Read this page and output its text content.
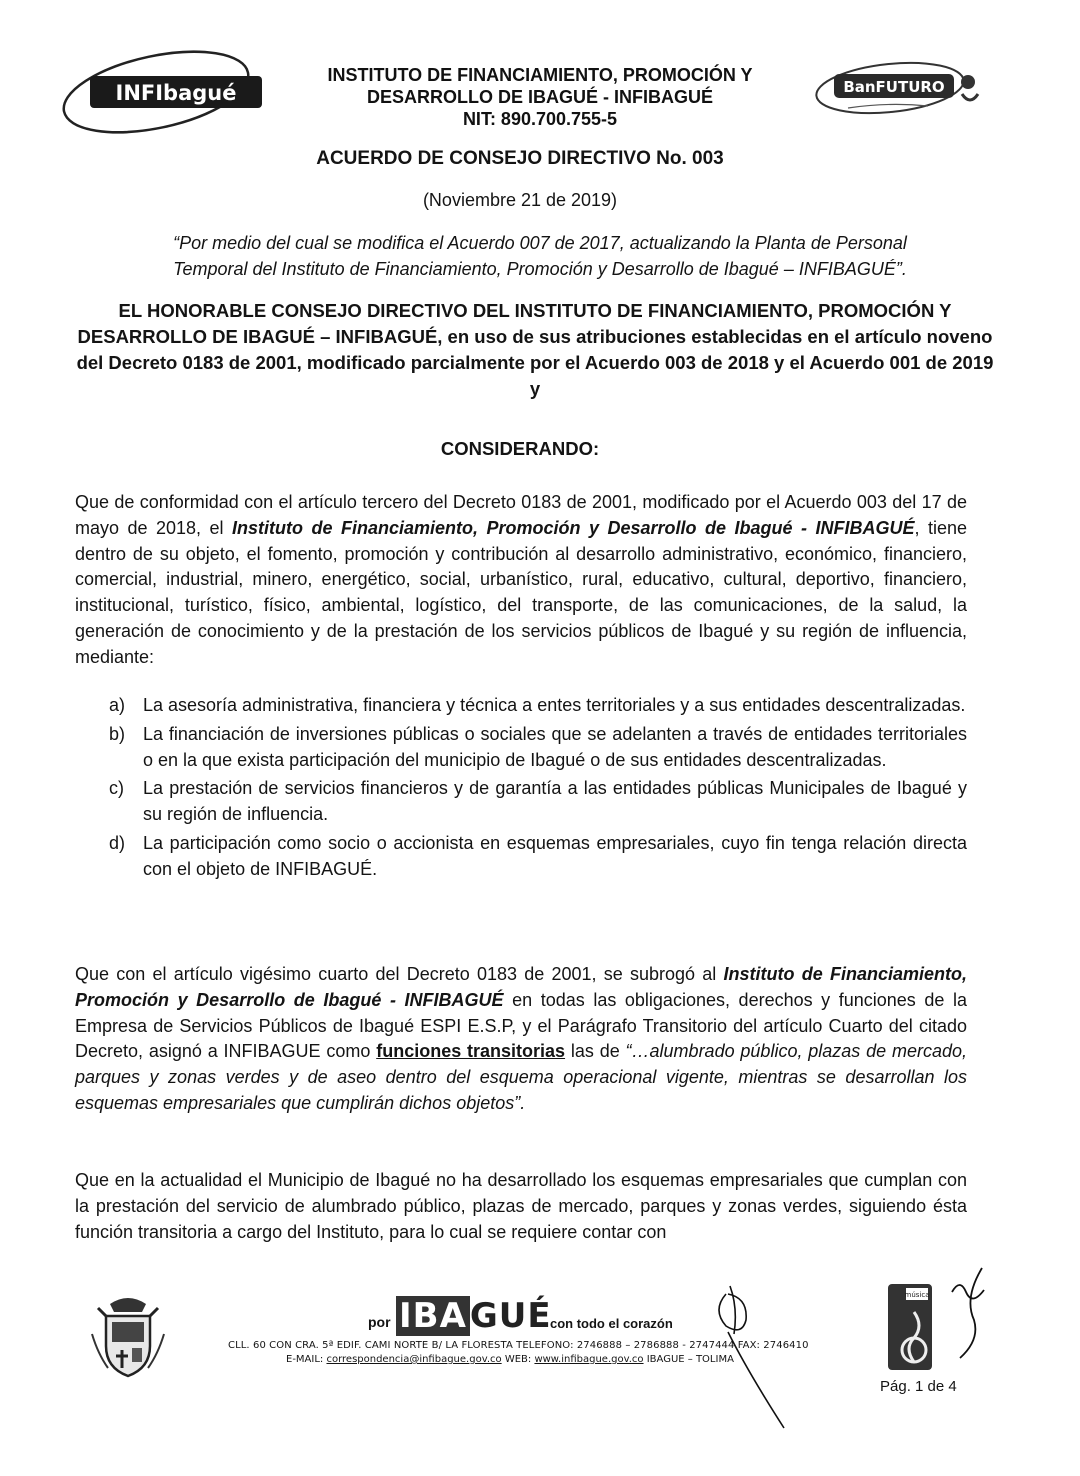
INFIbagué
INSTITUTO DE FINANCIAMIENTO, PROMOCIÓN Y
DESARROLLO DE IBAGUÉ - INFIBAGUÉ
NIT: 890.700.755-5
BanFUTURO
ACUERDO DE CONSEJO DIRECTIVO No. 003
(Noviembre 21 de 2019)
“Por medio del cual se modifica el Acuerdo 007 de 2017, actualizando la Planta de Personal
Temporal del Instituto de Financiamiento, Promoción y Desarrollo de Ibagué – INFIBAGUÉ”.
EL HONORABLE CONSEJO DIRECTIVO DEL INSTITUTO DE FINANCIAMIENTO, PROMOCIÓN Y DESARROLLO DE IBAGUÉ – INFIBAGUÉ, en uso de sus atribuciones establecidas en el artículo noveno del Decreto 0183 de 2001, modificado parcialmente por el Acuerdo 003 de 2018 y el Acuerdo 001 de 2019 y
CONSIDERANDO:

Que de conformidad con el artículo tercero del Decreto 0183 de 2001, modificado por el Acuerdo 003 del 17 de mayo de 2018, el Instituto de Financiamiento, Promoción y Desarrollo de Ibagué - INFIBAGUÉ, tiene dentro de su objeto, el fomento, promoción y contribución al desarrollo administrativo, económico, financiero, comercial, industrial, minero, energético, social, urbanístico, rural, educativo, cultural, deportivo, financiero, institucional, turístico, físico, ambiental, logístico, del transporte, de las comunicaciones, de la salud, la generación de conocimiento y de la prestación de los servicios públicos de Ibagué y su región de influencia, mediante:

a) La asesoría administrativa, financiera y técnica a entes territoriales y a sus entidades descentralizadas.
b) La financiación de inversiones públicas o sociales que se adelanten a través de entidades territoriales o en la que exista participación del municipio de Ibagué o de sus entidades descentralizadas.
c) La prestación de servicios financieros y de garantía a las entidades públicas Municipales de Ibagué y su región de influencia.
d) La participación como socio o accionista en esquemas empresariales, cuyo fin tenga relación directa con el objeto de INFIBAGUÉ.

Que con el artículo vigésimo cuarto del Decreto 0183 de 2001, se subrogó al Instituto de Financiamiento, Promoción y Desarrollo de Ibagué - INFIBAGUÉ en todas las obligaciones, derechos y funciones de la Empresa de Servicios Públicos de Ibagué ESPI E.S.P, y el Parágrafo Transitorio del artículo Cuarto del citado Decreto, asignó a INFIBAGUE como funciones transitorias las de “…alumbrado público, plazas de mercado, parques y zonas verdes y de aseo dentro del esquema operacional vigente, mientras se desarrollan los esquemas empresariales que cumplirán dichos objetos”.

Que en la actualidad el Municipio de Ibagué no ha desarrollado los esquemas empresariales que cumplan con la prestación del servicio de alumbrado público, plazas de mercado, parques y zonas verdes, siguiendo ésta función transitoria a cargo del Instituto, para lo cual se requiere contar con

por IBAGUÉ
con todo el corazón
CLL. 60 CON CRA. 5ª EDIF. CAMI NORTE B/ LA FLORESTA TELEFONO: 2746888 – 2786888 - 2747444 FAX: 2746410
E-MAIL: correspondencia@infibague.gov.co WEB: www.infibague.gov.co IBAGUE – TOLIMA
música
Pág. 1 de 4
